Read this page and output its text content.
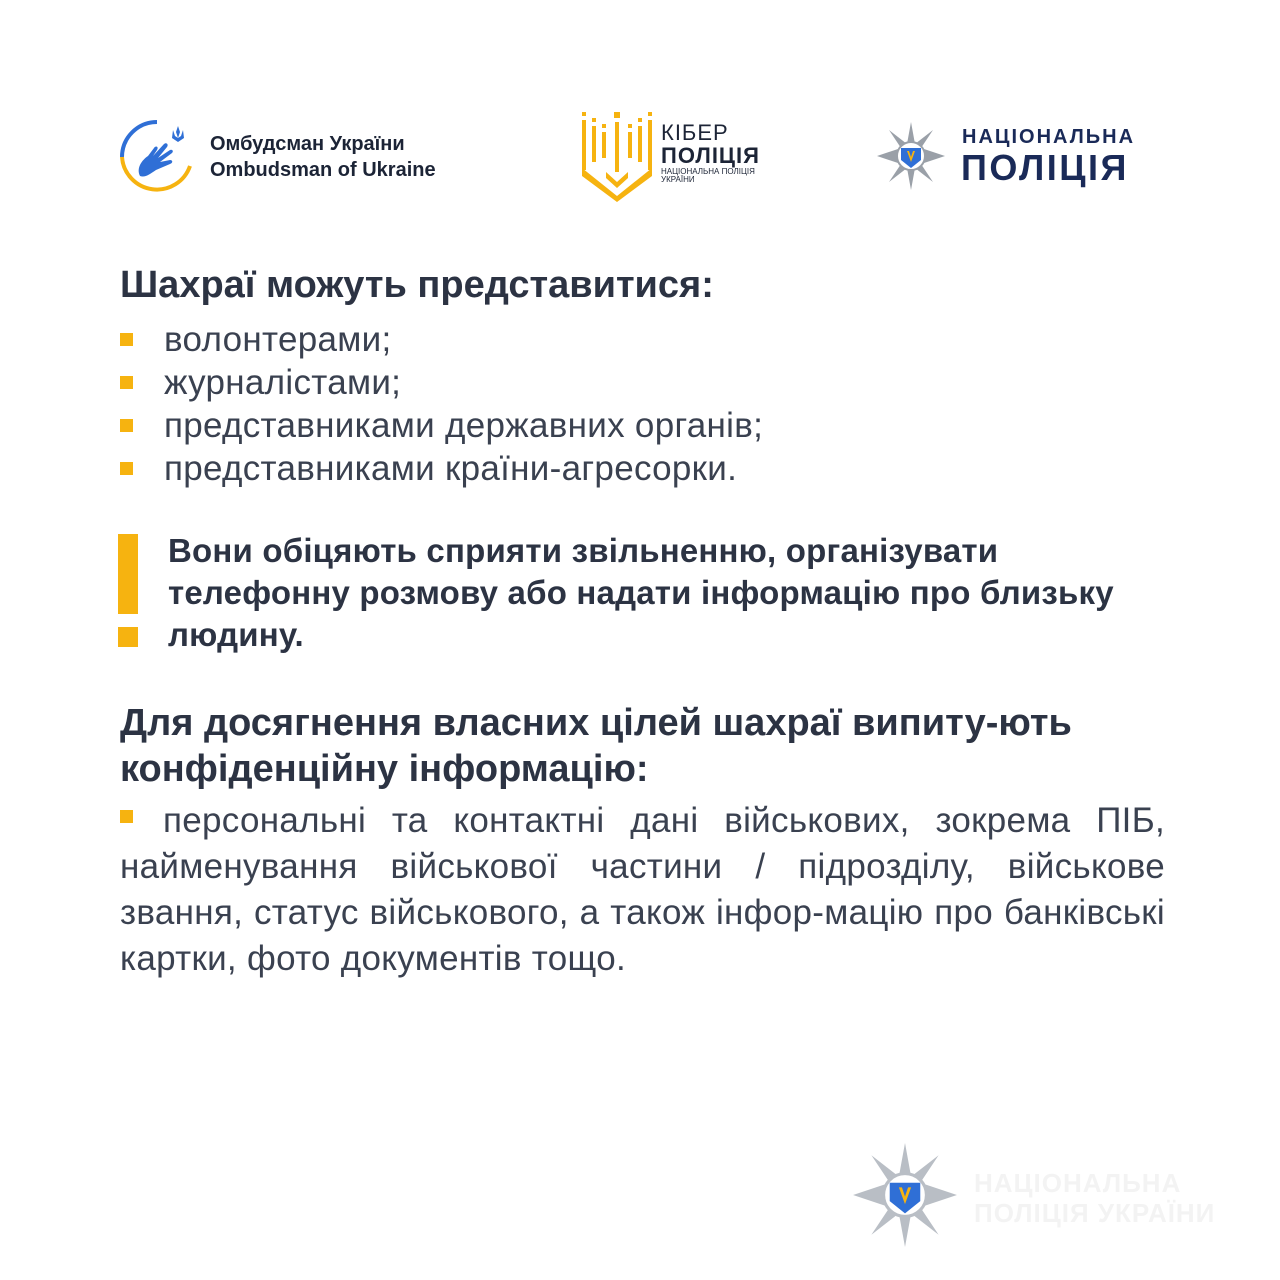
Омбудсман України
Ombudsman of Ukraine
КІБЕР
ПОЛІЦІЯ
НАЦІОНАЛЬНА ПОЛІЦІЯ УКРАЇНИ
НАЦІОНАЛЬНА
ПОЛІЦІЯ
Шахраї можуть представитися:
волонтерами;
журналістами;
представниками державних органів;
представниками країни-агресорки.
Вони обіцяють сприяти звільненню, організувати телефонну розмову або надати інформацію про близьку людину.
Для досягнення власних цілей шахраї випиту-ють конфіденційну інформацію:
персональні та контактні дані військових, зокрема ПІБ, найменування військової частини / підрозділу, військове звання, статус військового, а також інфор-мацію про банківські картки, фото документів тощо.
НАЦІОНАЛЬНА
ПОЛІЦІЯ УКРАЇНИ
